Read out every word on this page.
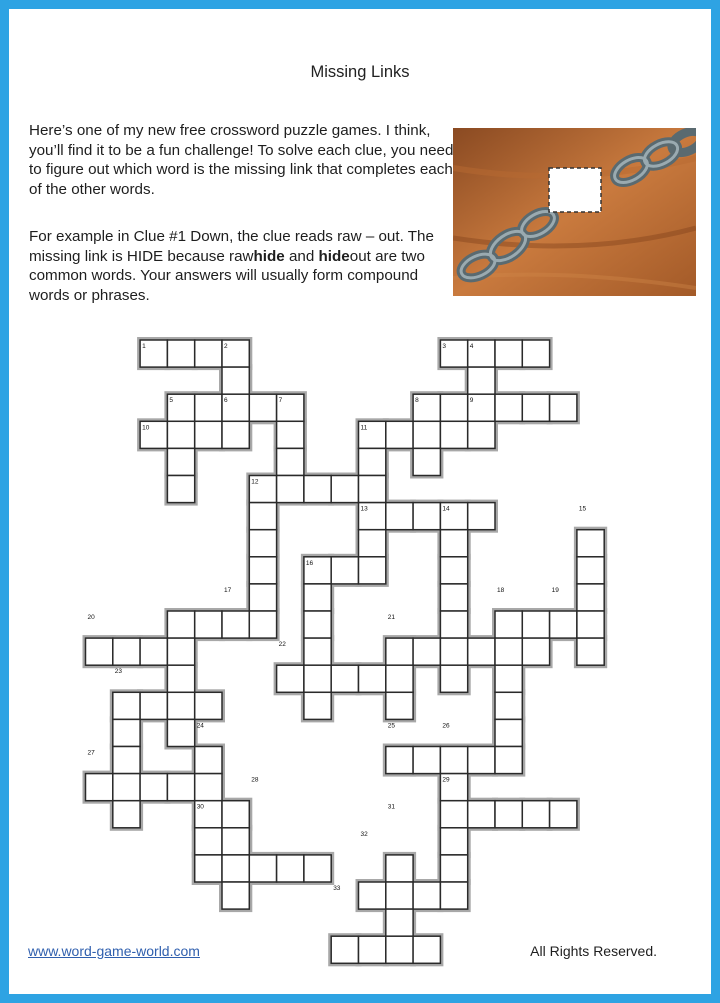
Missing Links

Here’s one of my new free crossword puzzle games. I think, you’ll find it to be a fun challenge! To solve each clue, you need to figure out which word is the missing link that completes each of the other words.

For example in Clue #1 Down, the clue reads raw – out. The missing link is HIDE because rawhide and hideout are two common words. Your answers will usually form compound words or phrases.

1	2	3	4
5	6	7	8	9
10	11
12
13	14	15
16
17	18	19
20	21
22
23
24	25	26
27
28	29
30	31
32
33
www.word-game-world.com	All Rights Reserved.
